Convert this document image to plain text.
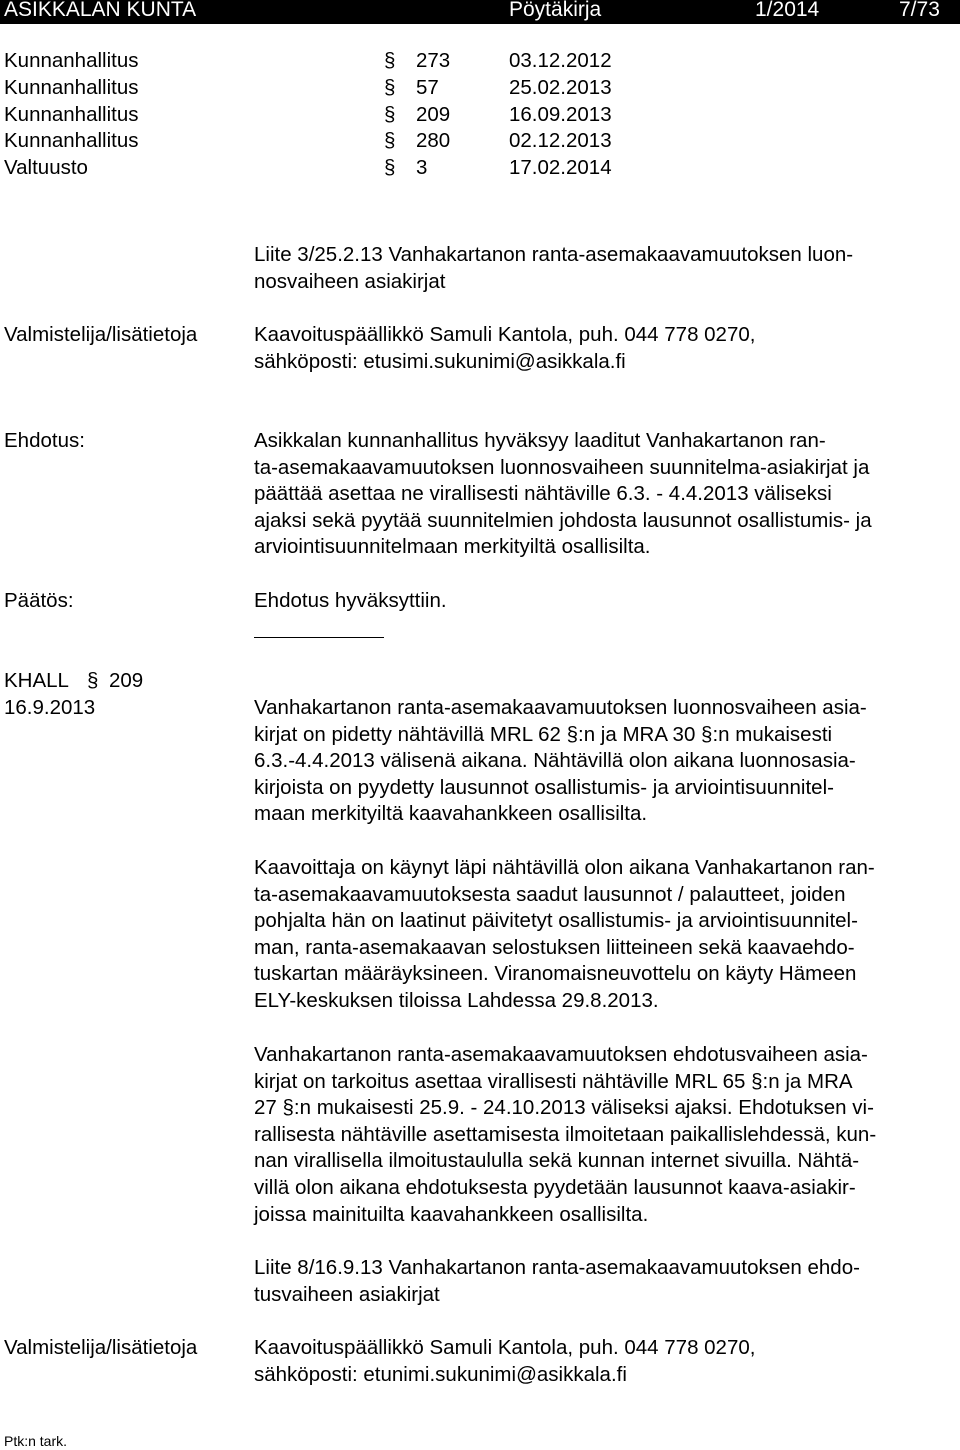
ASIKKALAN KUNTA	Pöytäkirja	1/2014	7/73
Kunnanhallitus	§ 273	03.12.2012
Kunnanhallitus	§ 57	25.02.2013
Kunnanhallitus	§ 209	16.09.2013
Kunnanhallitus	§ 280	02.12.2013
Valtuusto	§ 3	17.02.2014
Liite 3/25.2.13 Vanhakartanon ranta-asemakaavamuutoksen luon-
nosvaiheen asiakirjat
Valmistelija/lisätietoja	Kaavoituspäällikkö Samuli Kantola, puh. 044 778 0270,
sähköposti: etusimi.sukunimi@asikkala.fi
Ehdotus:	Asikkalan kunnanhallitus hyväksyy laaditut Vanhakartanon ran-
ta-asemakaavamuutoksen luonnosvaiheen suunnitelma-asiakirjat ja
päättää asettaa ne virallisesti nähtäville 6.3. - 4.4.2013 väliseksi
ajaksi sekä pyytää suunnitelmien johdosta lausunnot osallistumis- ja
arviointisuunnitelmaan merkityiltä osallisilta.
Päätös:	Ehdotus hyväksyttiin.
KHALL § 209
16.9.2013	Vanhakartanon ranta-asemakaavamuutoksen luonnosvaiheen asia-
kirjat on pidetty nähtävillä MRL 62 §:n ja MRA 30 §:n mukaisesti
6.3.-4.4.2013 välisenä aikana. Nähtävillä olon aikana luonnosasia-
kirjoista on pyydetty lausunnot osallistumis- ja arviointisuunnitel-
maan merkityiltä kaavahankkeen osallisilta.
Kaavoittaja on käynyt läpi nähtävillä olon aikana Vanhakartanon ran-
ta-asemakaavamuutoksesta saadut lausunnot / palautteet, joiden
pohjalta hän on laatinut päivitetyt osallistumis- ja arviointisuunnitel-
man, ranta-asemakaavan selostuksen liitteineen sekä kaavaehdo-
tuskartan määräyksineen. Viranomaisneuvottelu on käyty Hämeen
ELY-keskuksen tiloissa Lahdessa 29.8.2013.
Vanhakartanon ranta-asemakaavamuutoksen ehdotusvaiheen asia-
kirjat on tarkoitus asettaa virallisesti nähtäville MRL 65 §:n ja MRA
27 §:n mukaisesti 25.9. - 24.10.2013 väliseksi ajaksi. Ehdotuksen vi-
rallisesta nähtäville asettamisesta ilmoitetaan paikallislehdessä, kun-
nan virallisella ilmoitustaululla sekä kunnan internet sivuilla. Nähtä-
villä olon aikana ehdotuksesta pyydetään lausunnot kaava-asiakir-
joissa mainituilta kaavahankkeen osallisilta.
Liite 8/16.9.13 Vanhakartanon ranta-asemakaavamuutoksen ehdo-
tusvaiheen asiakirjat
Valmistelija/lisätietoja	Kaavoituspäällikkö Samuli Kantola, puh. 044 778 0270,
sähköposti: etunimi.sukunimi@asikkala.fi
Ptk:n tark.
